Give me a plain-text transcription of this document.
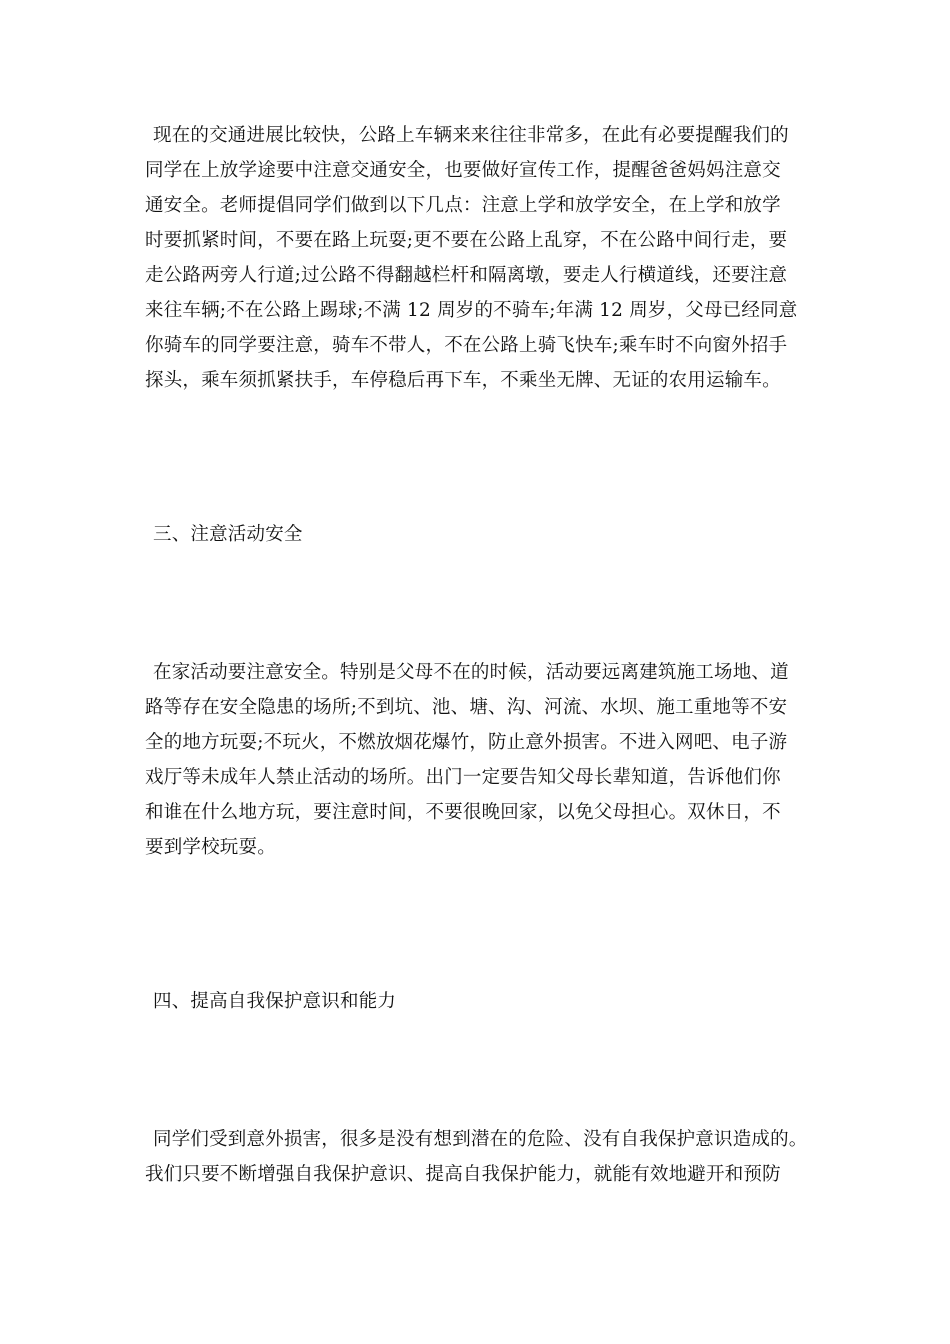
现在的交通进展比较快，公路上车辆来来往往非常多，在此有必要提醒我们的
同学在上放学途要中注意交通安全，也要做好宣传工作，提醒爸爸妈妈注意交
通安全。老师提倡同学们做到以下几点：注意上学和放学安全，在上学和放学
时要抓紧时间，不要在路上玩耍;更不要在公路上乱穿，不在公路中间行走，要
走公路两旁人行道;过公路不得翻越栏杆和隔离墩，要走人行横道线，还要注意
来往车辆;不在公路上踢球;不满 12 周岁的不骑车;年满 12 周岁，父母已经同意
你骑车的同学要注意，骑车不带人，不在公路上骑飞快车;乘车时不向窗外招手
探头，乘车须抓紧扶手，车停稳后再下车，不乘坐无牌、无证的农用运输车。
三、注意活动安全
在家活动要注意安全。特别是父母不在的时候，活动要远离建筑施工场地、道
路等存在安全隐患的场所;不到坑、池、塘、沟、河流、水坝、施工重地等不安
全的地方玩耍;不玩火，不燃放烟花爆竹，防止意外损害。不进入网吧、电子游
戏厅等未成年人禁止活动的场所。出门一定要告知父母长辈知道，告诉他们你
和谁在什么地方玩，要注意时间，不要很晚回家，以免父母担心。双休日，不
要到学校玩耍。
四、提高自我保护意识和能力
同学们受到意外损害，很多是没有想到潜在的危险、没有自我保护意识造成的。
我们只要不断增强自我保护意识、提高自我保护能力，就能有效地避开和预防
